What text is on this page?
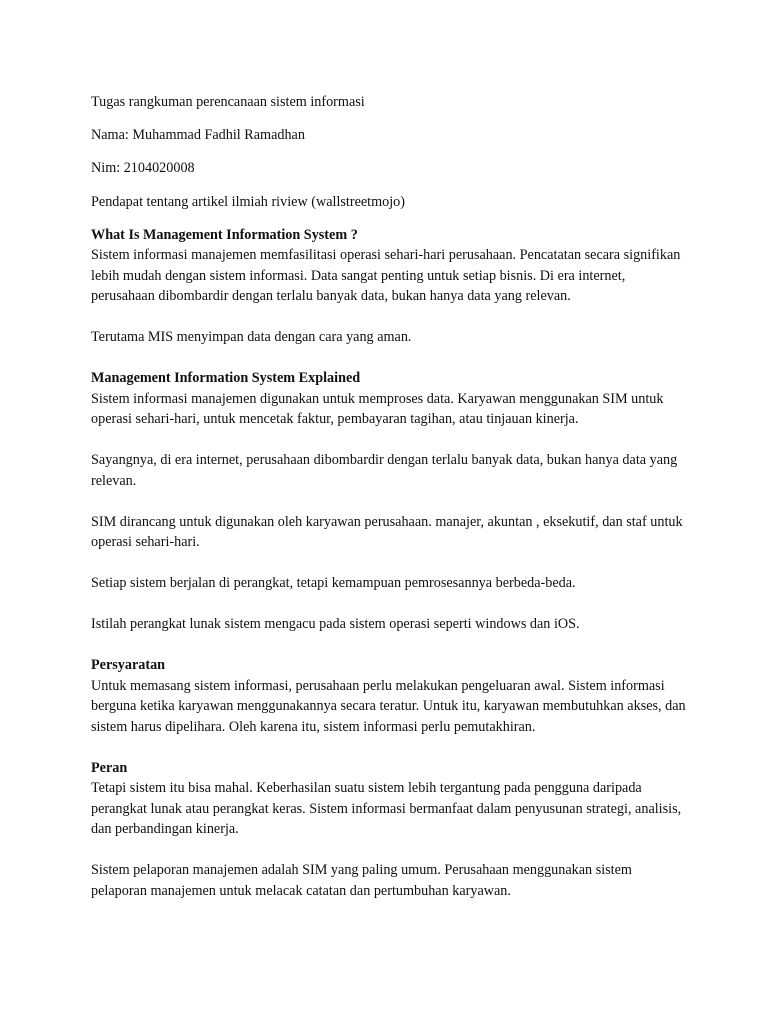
Tugas rangkuman perencanaan sistem informasi

Nama: Muhammad Fadhil Ramadhan

Nim: 2104020008

Pendapat tentang artikel ilmiah riview (wallstreetmojo)

What Is Management Information System ?

Sistem informasi manajemen memfasilitasi operasi sehari-hari perusahaan. Pencatatan secara signifikan lebih mudah dengan sistem informasi. Data sangat penting untuk setiap bisnis. Di era internet, perusahaan dibombardir dengan terlalu banyak data, bukan hanya data yang relevan.

Terutama MIS menyimpan data dengan cara yang aman.

Management Information System Explained

Sistem informasi manajemen digunakan untuk memproses data. Karyawan menggunakan SIM untuk operasi sehari-hari, untuk mencetak faktur, pembayaran tagihan, atau tinjauan kinerja.

Sayangnya, di era internet, perusahaan dibombardir dengan terlalu banyak data, bukan hanya data yang relevan.

SIM dirancang untuk digunakan oleh karyawan perusahaan. manajer, akuntan , eksekutif, dan staf untuk operasi sehari-hari.

Setiap sistem berjalan di perangkat, tetapi kemampuan pemrosesannya berbeda-beda.

Istilah perangkat lunak sistem mengacu pada sistem operasi seperti windows dan iOS.

Persyaratan

Untuk memasang sistem informasi, perusahaan perlu melakukan pengeluaran awal. Sistem informasi berguna ketika karyawan menggunakannya secara teratur. Untuk itu, karyawan membutuhkan akses, dan sistem harus dipelihara. Oleh karena itu, sistem informasi perlu pemutakhiran.

Peran

Tetapi sistem itu bisa mahal. Keberhasilan suatu sistem lebih tergantung pada pengguna daripada perangkat lunak atau perangkat keras. Sistem informasi bermanfaat dalam penyusunan strategi, analisis, dan perbandingan kinerja.

Sistem pelaporan manajemen adalah SIM yang paling umum. Perusahaan menggunakan sistem pelaporan manajemen untuk melacak catatan dan pertumbuhan karyawan.
